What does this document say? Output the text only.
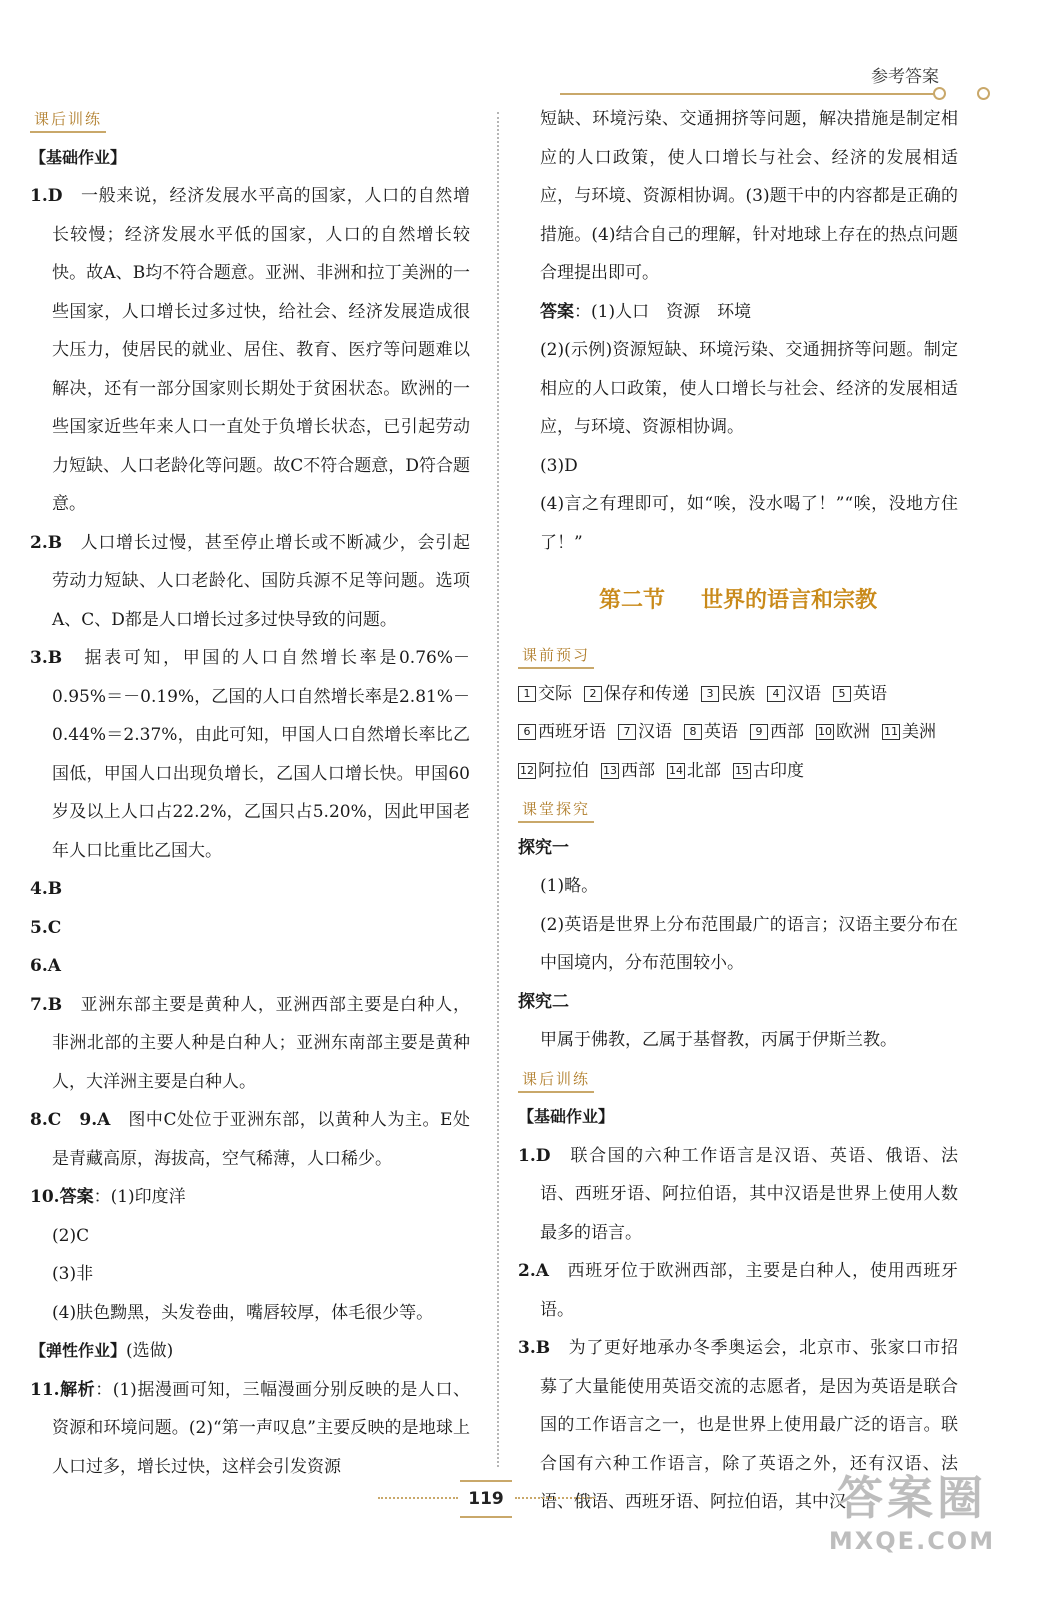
参考答案
课后训练

【基础作业】

1.D　 一般来说，经济发展水平高的国家，人口的自然增长较慢；经济发展水平低的国家，人口的自然增长较快。故A、B均不符合题意。亚洲、非洲和拉丁美洲的一些国家，人口增长过多过快，给社会、经济发展造成很大压力，使居民的就业、居住、教育、医疗等问题难以解决，还有一部分国家则长期处于贫困状态。欧洲的一些国家近些年来人口一直处于负增长状态，已引起劳动力短缺、人口老龄化等问题。故C不符合题意，D符合题意。

2.B　 人口增长过慢，甚至停止增长或不断减少，会引起劳动力短缺、人口老龄化、国防兵源不足等问题。选项A、C、D都是人口增长过多过快导致的问题。

3.B　 据表可知，甲国的人口自然增长率是0.76%－0.95%＝－0.19%，乙国的人口自然增长率是2.81%－0.44%＝2.37%，由此可知，甲国人口自然增长率比乙国低，甲国人口出现负增长，乙国人口增长快。甲国60岁及以上人口占22.2%，乙国只占5.20%，因此甲国老年人口比重比乙国大。

4.B

5.C

6.A

7.B　 亚洲东部主要是黄种人，亚洲西部主要是白种人，非洲北部的主要人种是白种人；亚洲东南部主要是黄种人，大洋洲主要是白种人。

8.C　 9.A　 图中C处位于亚洲东部，以黄种人为主。E处是青藏高原，海拔高，空气稀薄，人口稀少。

10.答案：(1)印度洋

(2)C

(3)非

(4)肤色黝黑，头发卷曲，嘴唇较厚，体毛很少等。

【弹性作业】(选做)

11.解析：(1)据漫画可知，三幅漫画分别反映的是人口、资源和环境问题。(2)“第一声叹息”主要反映的是地球上人口过多，增长过快，这样会引发资源

短缺、环境污染、交通拥挤等问题，解决措施是制定相应的人口政策，使人口增长与社会、经济的发展相适应，与环境、资源相协调。(3)题干中的内容都是正确的措施。(4)结合自己的理解，针对地球上存在的热点问题合理提出即可。

答案：(1)人口　资源　环境

(2)(示例)资源短缺、环境污染、交通拥挤等问题。制定相应的人口政策，使人口增长与社会、经济的发展相适应，与环境、资源相协调。

(3)D

(4)言之有理即可，如“唉，没水喝了！”“唉，没地方住了！”

第二节 世界的语言和宗教
课前预习
1 交际	2 保存和传递	3 民族	4 汉语	5 英语
6 西班牙语	7 汉语	8 英语	9 西部 10 欧洲 11 美洲
12 阿拉伯 13 西部 14 北部 15 古印度
课堂探究

探究一

(1)略。

(2)英语是世界上分布范围最广的语言；汉语主要分布在中国境内，分布范围较小。

探究二

甲属于佛教，乙属于基督教，丙属于伊斯兰教。

课后训练

【基础作业】

1.D　 联合国的六种工作语言是汉语、英语、俄语、法语、西班牙语、阿拉伯语，其中汉语是世界上使用人数最多的语言。

2.A　 西班牙位于欧洲西部，主要是白种人，使用西班牙语。

3.B　 为了更好地承办冬季奥运会，北京市、张家口市招募了大量能使用英语交流的志愿者，是因为英语是联合国的工作语言之一，也是世界上使用最广泛的语言。联合国有六种工作语言，除了英语之外，还有汉语、法语、俄语、西班牙语、阿拉伯语，其中汉

119	答案圈
MXQE.COM
